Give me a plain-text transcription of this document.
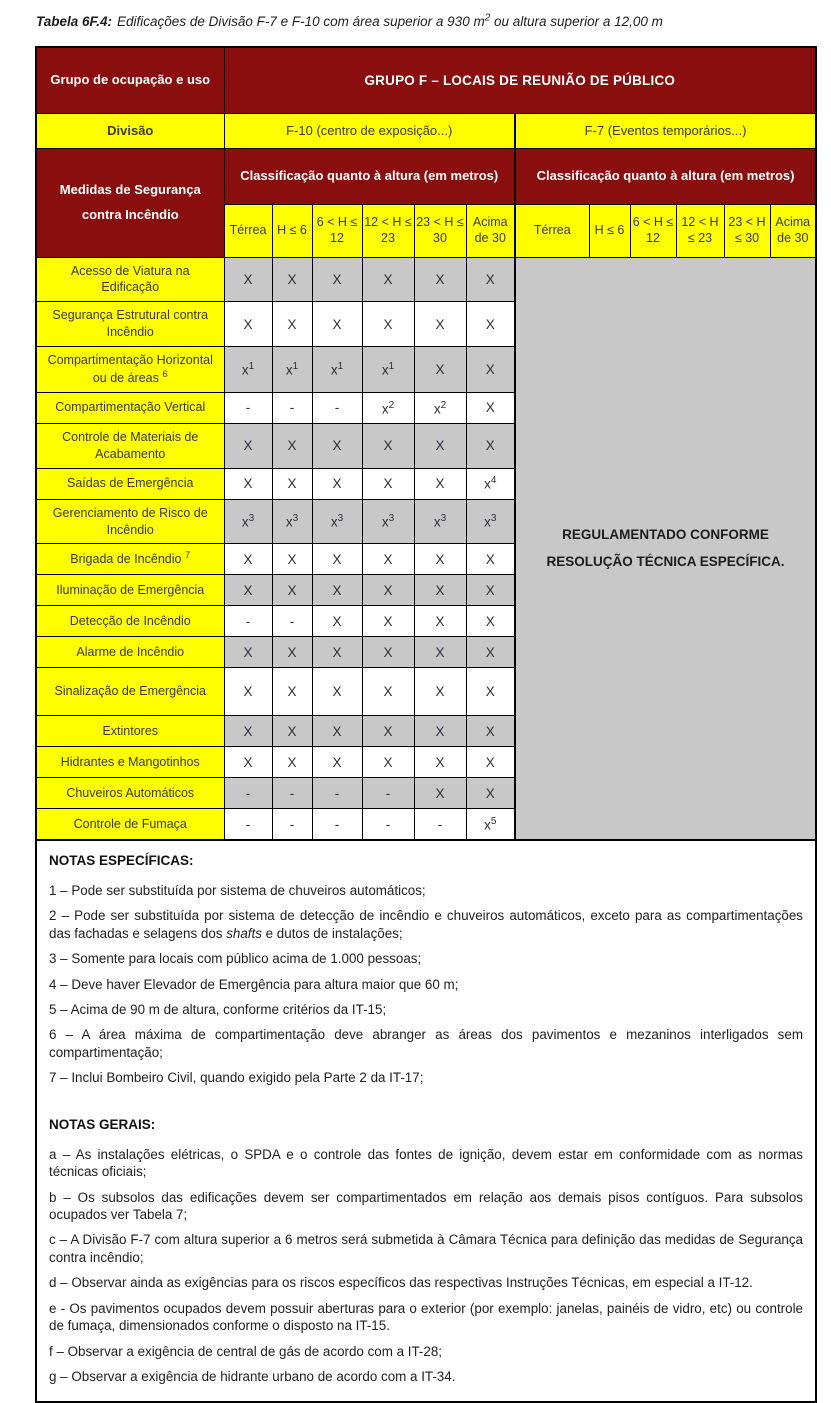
Tabela 6F.4: Edificações de Divisão F-7 e F-10 com área superior a 930 $m^2$ ou altura superior a 12,00 m
Grupo de ocupação e uso	GRUPO F – LOCAIS DE REUNIÃO DE PÚBLICO											
Divisão	F-10 (centro de exposição...)						F-7 (Eventos temporários...)					
Medidas de Segurança contra Incêndio	Classificação quanto à altura (em metros)						Classificação quanto à altura (em metros)					
	Térrea	H ≤ 6	6 < H ≤ 12	12 < H ≤ 23	23 < H ≤ 30	Acima de 30	Térrea	H ≤ 6	6 < H ≤ 12	12 < H ≤ 23	23 < H ≤ 30	Acima de 30
Acesso de Viatura na Edificação	X	X	X	X	X	X	REGULAMENTADO CONFORME RESOLUÇÃO TÉCNICA ESPECÍFICA.					

Segurança Estrutural contra Incêndio	X	X	X	X	X	X						
Compartimentação Horizontal ou de áreas $^6$	$x^1$	$x^1$	$x^1$	$x^1$	X	X						
Compartimentação Vertical	-	-	-	$x^2$	$x^2$	X						
Controle de Materiais de Acabamento	X	X	X	X	X	X						
Saídas de Emergência	X	X	X	X	X	$x^4$
Gerenciamento de Risco de Incêndio	$x^3$	$x^3$	$x^3$	$x^3$	$x^3$	$x^3$
Brigada de Incêndio $^7$	X	X	X	X	X	X						
Iluminação de Emergência	X	X	X	X	X	X						
Detecção de Incêndio	-	-	X	X	X	X						
Alarme de Incêndio	X	X	X	X	X	X						
Sinalização de Emergência	X	X	X	X	X	X						
Extintores	X	X	X	X	X	X						
Hidrantes e Mangotinhos	X	X	X	X	X	X						
Chuveiros Automáticos	-	-	-	-	X	X						
Controle de Fumaça	-	-	-	-	-	$x^5$
NOTAS ESPECÍFICAS:

1 – Pode ser substituída por sistema de chuveiros automáticos;

2 – Pode ser substituída por sistema de detecção de incêndio e chuveiros automáticos, exceto para as compartimentações das fachadas e selagens dos shafts e dutos de instalações;

3 – Somente para locais com público acima de 1.000 pessoas;

4 – Deve haver Elevador de Emergência para altura maior que 60 m;

5 – Acima de 90 m de altura, conforme critérios da IT-15;

6 – A área máxima de compartimentação deve abranger as áreas dos pavimentos e mezaninos interligados sem compartimentação;

7 – Inclui Bombeiro Civil, quando exigido pela Parte 2 da IT-17;

NOTAS GERAIS:

a – As instalações elétricas, o SPDA e o controle das fontes de ignição, devem estar em conformidade com as normas técnicas oficiais;

b – Os subsolos das edificações devem ser compartimentados em relação aos demais pisos contíguos. Para subsolos ocupados ver Tabela 7;

c – A Divisão F-7 com altura superior a 6 metros será submetida à Câmara Técnica para definição das medidas de Segurança contra incêndio;

d – Observar ainda as exigências para os riscos específicos das respectivas Instruções Técnicas, em especial a IT-12.

e - Os pavimentos ocupados devem possuir aberturas para o exterior (por exemplo: janelas, painéis de vidro, etc) ou controle de fumaça, dimensionados conforme o disposto na IT-15.

f – Observar a exigência de central de gás de acordo com a IT-28;

g – Observar a exigência de hidrante urbano de acordo com a IT-34.
